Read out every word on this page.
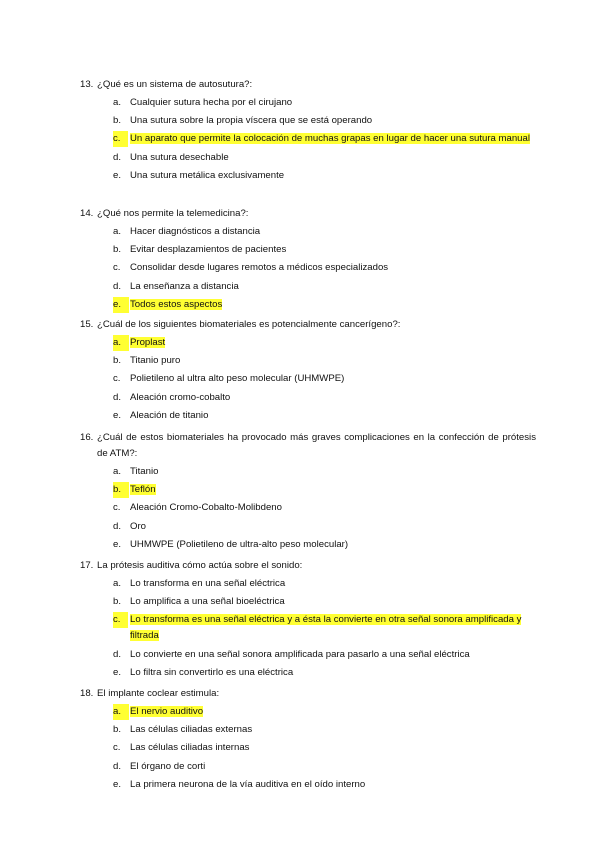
13. ¿Qué es un sistema de autosutura?:
a. Cualquier sutura hecha por el cirujano
b. Una sutura sobre la propia víscera que se está operando
c. Un aparato que permite la colocación de muchas grapas en lugar de hacer una sutura manual
d. Una sutura desechable
e. Una sutura metálica exclusivamente
14. ¿Qué nos permite la telemedicina?:
a. Hacer diagnósticos a distancia
b. Evitar desplazamientos de pacientes
c. Consolidar desde lugares remotos a médicos especializados
d. La enseñanza a distancia
e. Todos estos aspectos
15. ¿Cuál de los siguientes biomateriales es potencialmente cancerígeno?:
a. Proplast
b. Titanio puro
c. Polietileno al ultra alto peso molecular (UHMWPE)
d. Aleación cromo-cobalto
e. Aleación de titanio
16. ¿Cuál de estos biomateriales ha provocado más graves complicaciones en la confección de prótesis de ATM?:
a. Titanio
b. Teflón
c. Aleación Cromo-Cobalto-Molibdeno
d. Oro
e. UHMWPE (Polietileno de ultra-alto peso molecular)
17. La prótesis auditiva cómo actúa sobre el sonido:
a. Lo transforma en una señal eléctrica
b. Lo amplifica a una señal bioeléctrica
c. Lo transforma es una señal eléctrica y a ésta la convierte en otra señal sonora amplificada y filtrada
d. Lo convierte en una señal sonora amplificada para pasarlo a una señal eléctrica
e. Lo filtra sin convertirlo es una eléctrica
18. El implante coclear estimula:
a. El nervio auditivo
b. Las células ciliadas externas
c. Las células ciliadas internas
d. El órgano de corti
e. La primera neurona de la vía auditiva en el oído interno
